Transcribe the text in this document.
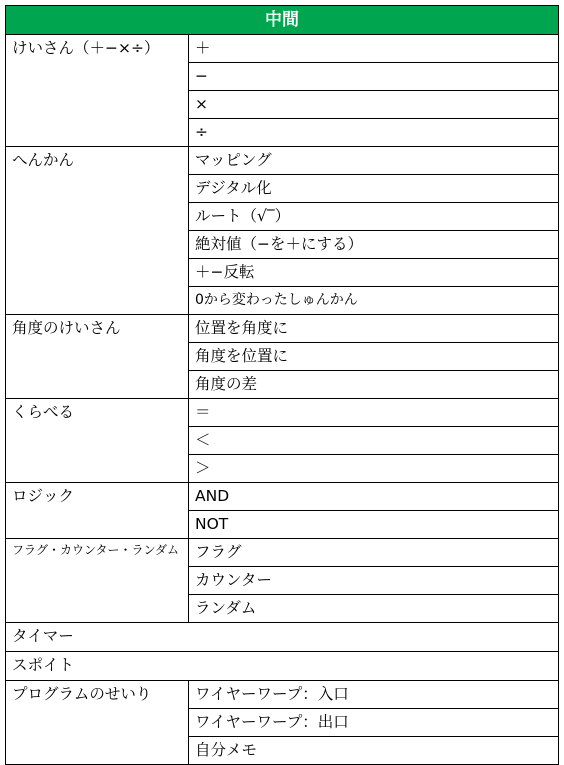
中間	
けいさん（＋−×÷）	＋
	−
	×
	÷
へんかん	マッピング
	デジタル化
	ルート（√‾）
	絶対値（−を＋にする）
	＋−反転
	0から変わったしゅんかん
角度のけいさん	位置を角度に
	角度を位置に
	角度の差
くらべる	＝
	＜
	＞
ロジック	AND
	NOT
フラグ・カウンター・ランダム	フラグ
	カウンター
	ランダム
タイマー	
スポイト	
プログラムのせいり	ワイヤーワープ：入口
	ワイヤーワープ：出口
	自分メモ
